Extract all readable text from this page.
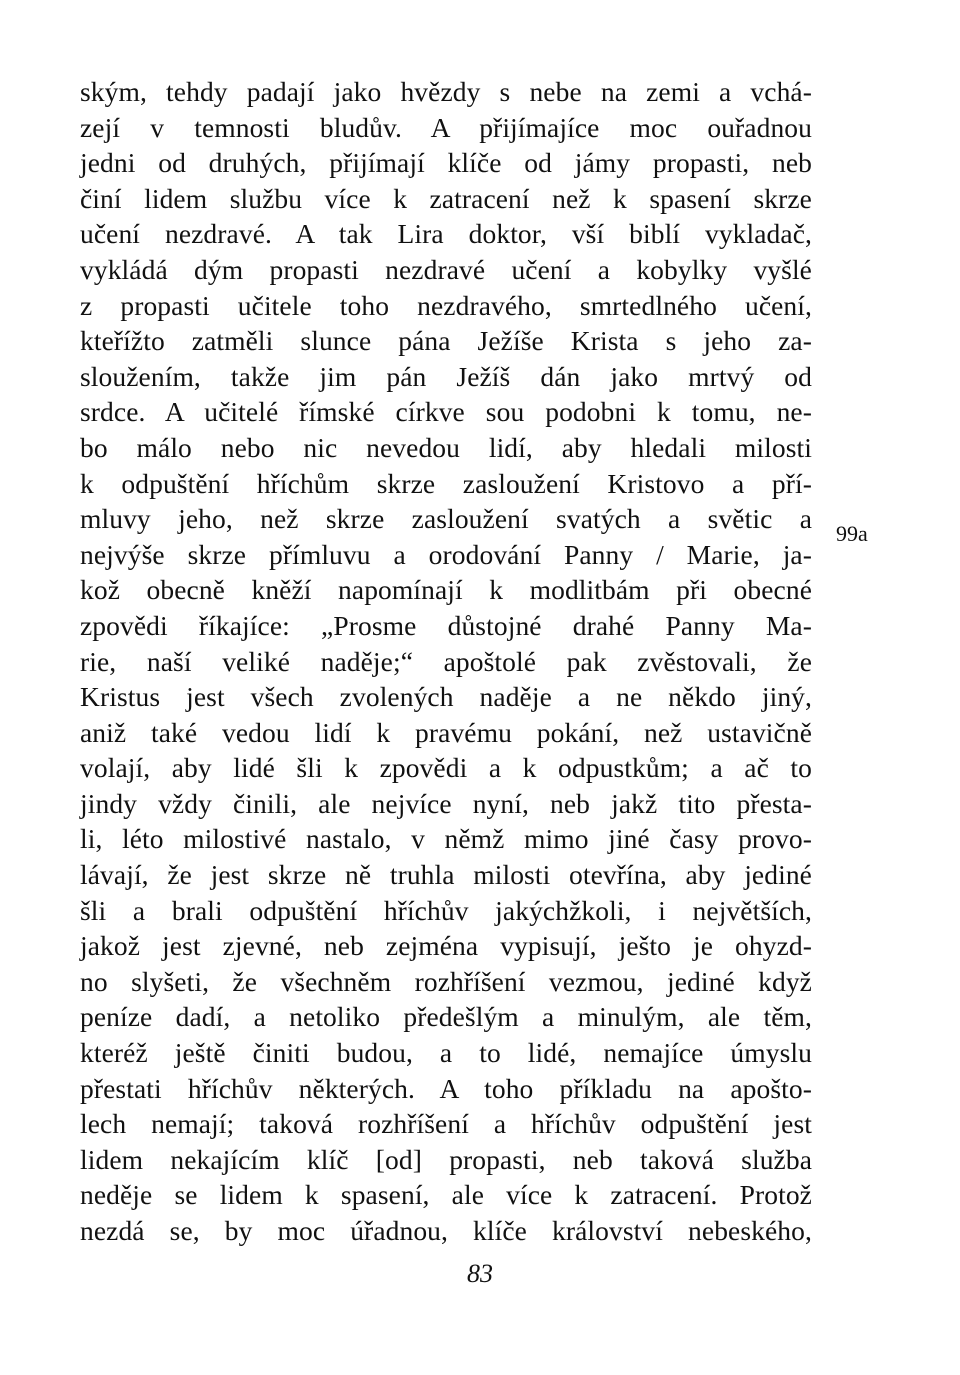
ským, tehdy padají jako hvězdy s nebe na zemi a vchá-
zejí v temnosti bludův. A přijímajíce moc ouřadnou
jedni od druhých, přijímají klíče od jámy propasti, neb
činí lidem službu více k zatracení než k spasení skrze
učení nezdravé. A tak Lira doktor, vší biblí vykladač,
vykládá dým propasti nezdravé učení a kobylky vyšlé
z propasti učitele toho nezdravého, smrtedlného učení,
kteřížto zatměli slunce pána Ježíše Krista s jeho za-
sloužením, takže jim pán Ježíš dán jako mrtvý od
srdce. A učitelé římské církve sou podobni k tomu, ne-
bo málo nebo nic nevedou lidí, aby hledali milosti
k odpuštění hříchům skrze zasloužení Kristovo a pří-
mluvy jeho, než skrze zasloužení svatých a světic a
nejvýše skrze přímluvu a orodování Panny / Marie, ja-
kož obecně kněží napomínají k modlitbám při obecné
zpovědi říkajíce: „Prosme důstojné drahé Panny Ma-
rie, naší veliké naděje;“ apoštolé pak zvěstovali, že
Kristus jest všech zvolených naděje a ne někdo jiný,
aniž také vedou lidí k pravému pokání, než ustavičně
volají, aby lidé šli k zpovědi a k odpustkům; a ač to
jindy vždy činili, ale nejvíce nyní, neb jakž tito přesta-
li, léto milostivé nastalo, v němž mimo jiné časy provo-
lávají, že jest skrze ně truhla milosti otevřína, aby jediné
šli a brali odpuštění hříchův jakýchžkoli, i největších,
jakož jest zjevné, neb zejména vypisují, ješto je ohyzd-
no slyšeti, že všechněm rozhříšení vezmou, jediné když
peníze dadí, a netoliko předešlým a minulým, ale těm,
kteréž ještě činiti budou, a to lidé, nemajíce úmyslu
přestati hříchův některých. A toho příkladu na apošto-
lech nemají; taková rozhříšení a hříchův odpuštění jest
lidem nekajícím klíč [od] propasti, neb taková služba
neděje se lidem k spasení, ale více k zatracení. Protož
nezdá se, by moc úřadnou, klíče království nebeského,
99a
83
